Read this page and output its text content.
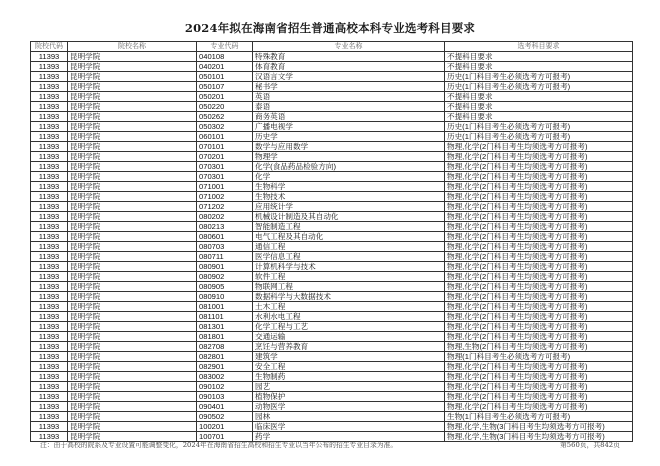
2024年拟在海南省招生普通高校本科专业选考科目要求
院校代码	院校名称	专业代码	专业名称	选考科目要求
11393	昆明学院	040108	特殊教育	不提科目要求
11393	昆明学院	040201	体育教育	不提科目要求
11393	昆明学院	050101	汉语言文学	历史(1门科目考生必须选考方可报考)
11393	昆明学院	050107	秘书学	历史(1门科目考生必须选考方可报考)
11393	昆明学院	050201	英语	不提科目要求
11393	昆明学院	050220	泰语	不提科目要求
11393	昆明学院	050262	商务英语	不提科目要求
11393	昆明学院	050302	广播电视学	历史(1门科目考生必须选考方可报考)
11393	昆明学院	060101	历史学	历史(1门科目考生必须选考方可报考)
11393	昆明学院	070101	数学与应用数学	物理,化学(2门科目考生均须选考方可报考)
11393	昆明学院	070201	物理学	物理,化学(2门科目考生均须选考方可报考)
11393	昆明学院	070301	化学(食品药品检验方向)	物理,化学(2门科目考生均须选考方可报考)
11393	昆明学院	070301	化学	物理,化学(2门科目考生均须选考方可报考)
11393	昆明学院	071001	生物科学	物理,化学(2门科目考生均须选考方可报考)
11393	昆明学院	071002	生物技术	物理,化学(2门科目考生均须选考方可报考)
11393	昆明学院	071202	应用统计学	物理,化学(2门科目考生均须选考方可报考)
11393	昆明学院	080202	机械设计制造及其自动化	物理,化学(2门科目考生均须选考方可报考)
11393	昆明学院	080213	智能制造工程	物理,化学(2门科目考生均须选考方可报考)
11393	昆明学院	080601	电气工程及其自动化	物理,化学(2门科目考生均须选考方可报考)
11393	昆明学院	080703	通信工程	物理,化学(2门科目考生均须选考方可报考)
11393	昆明学院	080711	医学信息工程	物理,化学(2门科目考生均须选考方可报考)
11393	昆明学院	080901	计算机科学与技术	物理,化学(2门科目考生均须选考方可报考)
11393	昆明学院	080902	软件工程	物理,化学(2门科目考生均须选考方可报考)
11393	昆明学院	080905	物联网工程	物理,化学(2门科目考生均须选考方可报考)
11393	昆明学院	080910	数据科学与大数据技术	物理,化学(2门科目考生均须选考方可报考)
11393	昆明学院	081001	土木工程	物理,化学(2门科目考生均须选考方可报考)
11393	昆明学院	081101	水利水电工程	物理,化学(2门科目考生均须选考方可报考)
11393	昆明学院	081301	化学工程与工艺	物理,化学(2门科目考生均须选考方可报考)
11393	昆明学院	081801	交通运输	物理,化学(2门科目考生均须选考方可报考)
11393	昆明学院	082708	烹饪与营养教育	物理,生物(2门科目考生均须选考方可报考)
11393	昆明学院	082801	建筑学	物理(1门科目考生必须选考方可报考)
11393	昆明学院	082901	安全工程	物理,化学(2门科目考生均须选考方可报考)
11393	昆明学院	083002	生物制药	物理,化学(2门科目考生均须选考方可报考)
11393	昆明学院	090102	园艺	物理,化学(2门科目考生均须选考方可报考)
11393	昆明学院	090103	植物保护	物理,化学(2门科目考生均须选考方可报考)
11393	昆明学院	090401	动物医学	物理,化学(2门科目考生均须选考方可报考)
11393	昆明学院	090502	园林	生物(1门科目考生必须选考方可报考)
11393	昆明学院	100201	临床医学	物理,化学,生物(3门科目考生均须选考方可报考)
11393	昆明学院	100701	药学	物理,化学,生物(3门科目考生均须选考方可报考)
注：由于高校的院系及专业设置可能调整变化，2024年在海南省招生高校和招生专业以当年公布的招生专业目录为准。	第560页，共842页
